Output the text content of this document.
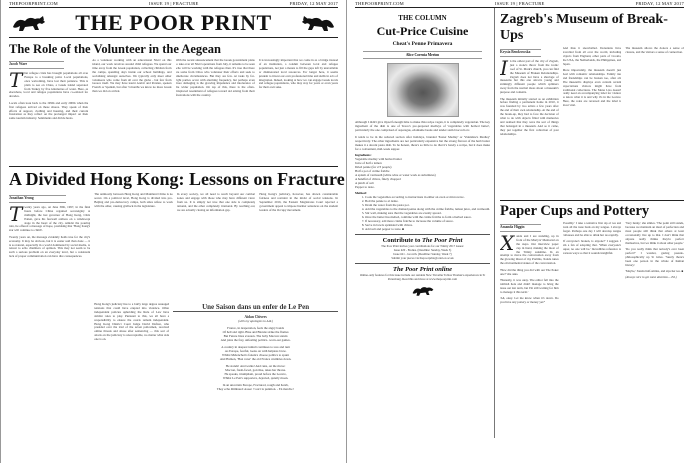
THEPOORPRINT.COM	ISSUE 19 | FRACTURE	FRIDAY, 12 MAY 2017
THE POOR PRINT
The Role of the Volunteer in the Aegean
Jacob Ware

That refugee crisis has brought populations all over Europe to a breaking point. Local populations, once welcoming, have lost their patience. This is plain to see on Chios, a Greek island separated from Turkey by five kilometres of water. Here, as elsewhere, local and refugee populations have co-existed for decades.

Locals often look back to the 1990s and early 2000s when the first refugees arrived on these shores. They speak of their efforts of support, clothing and housing, and their current frustration as they reflect on the prolonged impact on their same tourism industry. Sentiments and divide hosts.

As a volunteer working with an educational NGO on this island, our work revolves around child refugees. We spend our time away from the Greek population, collecting children from the camps, spending days inside our school buildings, and socialising amongst ourselves. We typically only meet other volunteers who come from all over the globe - but few from Greece itself. We may have learnt Arabic and Persian, spoken French or Spanish, but after 3 months we know no more Greek than we did on arrival.

With the recent announcement that the Greek government plans to take over all NGO operations from July, it remains to be seen who will be working with the refugees then. It's true that there are some from Chios who volunteer their efforts and seek to ameliorate circumstances. But they are few. At tasks by far-right parties occur with alarming frequency, but perhaps even more damaging is the growing impatience and intolerance of the wider population. On top of this, there is the often-misplaced resentment of refugees toward aid arising from their frustrations with the country.

It is increasingly important that we come in as a bridge instead of an institution, a conduit between local and refugee populations, not just a means to fill the gaps left by unavailable or disinterested local resources. For longer here, it seems prudent to invest our own professional time and skills in acts of integration. Indeed, looking at how we can engage Greek locals and refugee populations, who may stay for years or even years for their own sake.

A Divided Hong Kong: Lessons on Fracture
Jonathan Yeung

Twenty years ago, on June 30th, 1997, in the final hours before China regained sovereignty at midnight, the last governor of Hong Kong, Chris Patten, gave his farewell address on a windswept stage in the heart of the city. Amidst the pouring rain, he offered a message of hope, promising that 'Hong Kong's star will continue to climb'.

Twenty years on, the message evidently holds true for the city's economy. It may be obvious, but it is easier said than done — it is so natural, especially in a world dominated by social media, to retreat to echo chambers of opinion. This may not seem to be such a serious problem on an everyday level, but a consistent lack of proper communication can have dire consequences.

The animosity between Hong Kong and Mainland China is no secret. On a political level, Hong Kong is divided into pro-Beijing and pro-democracy camps, both sides refuse to work with the other, causing gridlock in the legislature.

In every society, we all need to reach beyond our comfort zones and engage with those who may have different views from us. It is simply not true that one side is completely rational, and the other completely irrational. By reaching out, we are actually closing an information gap.

Hong Kong's judiciary, however, has shown considerable fairness and restraint in the midst of social tensions. In September 2016, the Eastern Magistrates Court rejected a government appeal to impose harsher sentences on the student leaders of the Occupy movement.

Hong Kong's judiciary has to a fairly large degree assuaged tensions that could have erupted into violence. Other independent policies upholding the Rule of Law have similar roles to play. Pursuant to this, we all have a responsibility to ensure the courts remain independent. Hong Kong District Court Judge David Dufton, who presided over the trial of the seven policemen, received online threats and abuse after sentencing — this sort of attack on the judiciary is unacceptable, no matter what side one is on.

Une Saison dans un enfer de Le Pen
Aidan Chivers
(with my apologies to A.R.)
France, in desperation, feels the angry bands
Of hell and right. Blue and Blonde strike the flames
But Future bites evasion. The baby Macron stands
And joins the fray, unfeeling politics- worn-out games.
A country in deepest tumult continues to toss and turn
As Europe, fearful, looks on with helpless brow.
Whilst Mélenchon's fanatics choose politics to spurn
And Hamon, 'Hon voter' the old France crumbles down.
He stands! And walks! And runs, on the move:
Macron, fresh-faced, god-like, takes her throne.
He speaks, triumphant, proud before the Louvre,
Whilst Le Pen's supporters, dejected, quietly moan.
In an uncertain Europe, Fractured, rough and harsh,
They echo Rimbaud: Assez ! voici la punition. - En marche !
THEPOORPRINT.COM	ISSUE 19 | FRACTURE	FRIDAY, 12 MAY 2017
THE COLUMN
Cut-Price Cuisine
Cheat's Penne Primavera
Alice Corrnia Merion

Although I didn't give myself enough time to make this recipe vegan, it is completely vegetarian. The key ingredient of the dish is one of Tesco's pre-prepared medleys of 'vegetables with herbed butter', particularly the one comprised of asparagus, edamame beans and tender stem broccoli etc.

It tends to be in the reduced section after holidays, branded 'Easter Medley' or 'Valentine's Medley' respectively. The other ingredients are not particularly expensive but the strong flavour of the herb butter makes it a decent pasta dish. To be honest, there's so little to do that it's barely a recipe, but it does make for a convenient, mid-week supper.

Ingredients:
Vegetable medley with herbed butter
Juice of half a lemon
Dried penne (for 2/3 people)
Half a pot of crème fraîche
A splash of vermouth (white wine or water work as substitutes)
A handful of chives, finely chopped
A pinch of salt
Pepper to taste.
Method:
1. Cook the vegetables according to instructions in either an oven or microwave.
2. Boil the penne to al dente.
3. Drain the water from the pasta pot.
4. Add the vegetables to the drained penne along with the crème fraîche, lemon juice, and vermouth.
5. Stir well, making sure that the vegetables are evenly spread.
6. Once the butter has melted, combine with the crème fraîche to form a herbed sauce.
7. If necessary, add more crème fraîche to increase the volume of sauce.
8. Serve in bowls sprinkled with chives.
9. Add salt and pepper to taste. ■
Contribute to The Poor Print

The Poor Print invites your contributions for our Trinity 2017 issues:

Issue #20 - Bodies. (Deadline: Sunday, Week 5)

Issue #21 - Growth. (Deadline: Sunday, Week 7)

Submit your pieces via thepoorprint@oriel.ox.ac.uk

The Poor Print online

Online-only features for this issue include our resident New Traveller Tobias Thomas's experiences in St Petersburg. Read this and more at www.thepoorprint.com

Zagreb's Museum of Break-Ups
Krysia Bendzowska

In the oldest part of the city of Zagreb, just a stone's throw from the iconic roof of St. Mark's church, you can find the Museum of Broken Relationships. Zagreb does not have a shortage of museums but this one attracts young and strikingly different people which splinters away from the normal ideas about a museum's purpose and contents.

The museum initially started as an exhibition before finding a permanent home in 2010, it was founded by two artists a few years after the end of their own relationship. At the end of the break-up, they had to face the decision of what to do with objects filled with memories and realised that they were the sort of things that belonged in a museum. And so it came, they put together the first collection of past relationships.

And thus it snowballed. Donations have travelled from all over the world, including objects from England, other parts of Croatia, the USA, the Netherlands, the Philippines, and Japan.

More importantly, the museum doesn't just deal with romantic relationships. Family ties and friendships can be broken too, after all. The museum's displays even contain certain expectations visitors might have from traditional collections. The Mona Lisa doesn't really need an accompanying label for visitors to know what it is and why it's in the Louvre. Here, the roles are reversed and the label is most vital.

The museum allows the donors a sense of closure, and the visitors a sense of connection.

Paper Cups and Pottery
Amanda Higgin

Xanda and I are standing, up in front of the Martyrs' Memorial on the steps. Our interview paper cup in hand, making the most of the Trinity sunshine. In an attempt to move the conversation away from the glowing threat of my Prelims, Xanda tunes the environmental stakes of the conversation.

'How did the thing you did with our The Poker one?' she asks.

'Honestly, it was okay. The editor fell into the rubbish hole and didn't manage to bring the issue out last term, but I'm still waiting for him to manage it this term.'

'Ah, okay. Let me know when it's down. Do you have any pottery or money yet?'

'Possibly.' I take a tentative first sip of tea and burn all the taste buds on my tongue. I always forget. Perhaps one day I will develop tongue callouses and be able to drink hot tea rapidly.

'If everyone's broken, is anyone?' I suggest. I am a fan of adopting that. 'When everyone's super, no one will be.' Incredibles reference to various ways so that it sounds insightful.

'Very funny,' she smiles. 'The point still stands, because we maintain an ideal of perfection and most people still think that others at least occasionally live up to that. I don't think that anyone really thinks they're perfect themselves, but we think it about other people.'

'Do you really think that nobody's ever been perfect?' I wonder, gazing pseudo-philosophically up St Giles. 'Surely there's been one person in the whole of human history.'

'Maybe,' Xanda half-smiles, and sips her tea. ■

(Always nice to get some attention— Ed.)
